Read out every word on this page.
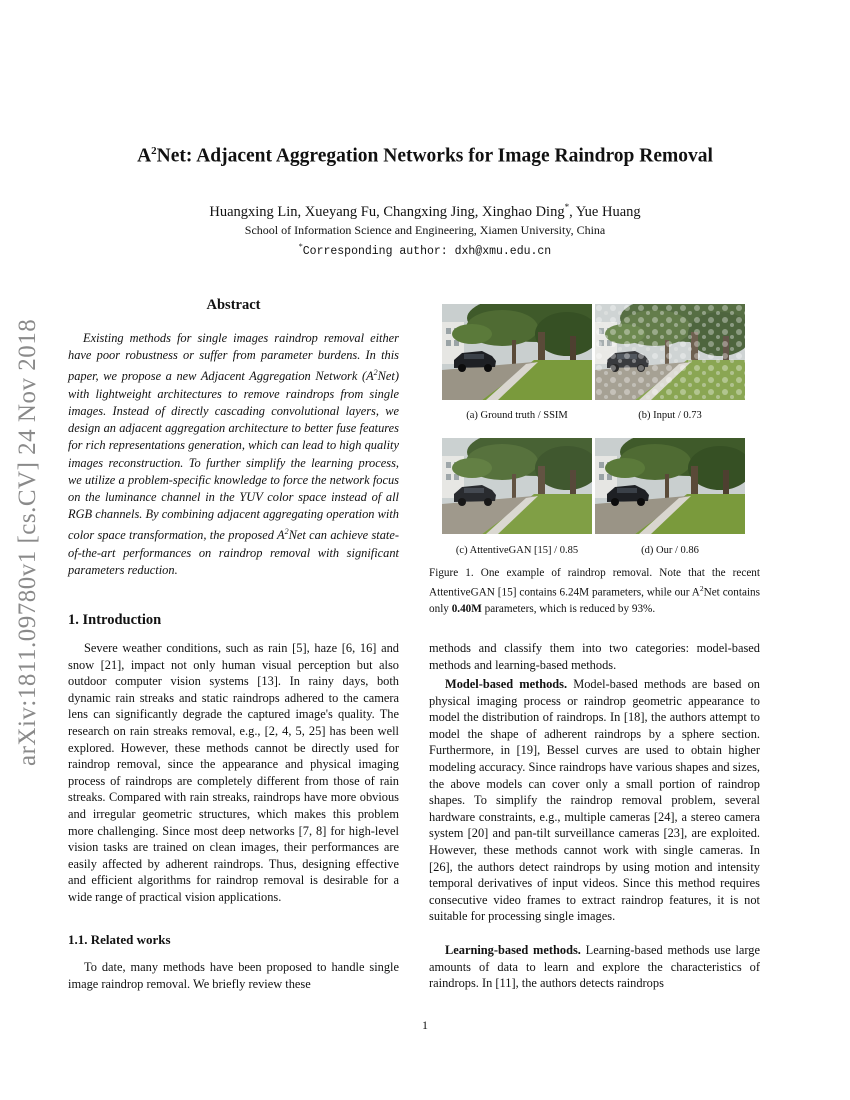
arXiv:1811.09780v1 [cs.CV] 24 Nov 2018
$A^2Net$: Adjacent Aggregation Networks for Image Raindrop Removal
Huangxing Lin, Xueyang Fu, Changxing Jing, Xinghao Ding*, Yue Huang
School of Information Science and Engineering, Xiamen University, China
*Corresponding author: dxh@xmu.edu.cn
Abstract
Existing methods for single images raindrop removal either have poor robustness or suffer from parameter burdens. In this paper, we propose a new Adjacent Aggregation Network $(A^2Net)$ with lightweight architectures to remove raindrops from single images. Instead of directly cascading convolutional layers, we design an adjacent aggregation architecture to better fuse features for rich representations generation, which can lead to high quality images reconstruction. To further simplify the learning process, we utilize a problem-specific knowledge to force the network focus on the luminance channel in the YUV color space instead of all RGB channels. By combining adjacent aggregating operation with color space transformation, the proposed $A^2Net$ can achieve state-of-the-art performances on raindrop removal with significant parameters reduction.
1. Introduction
Severe weather conditions, such as rain [5], haze [6, 16] and snow [21], impact not only human visual perception but also outdoor computer vision systems [13]. In rainy days, both dynamic rain streaks and static raindrops adhered to the camera lens can significantly degrade the captured image's quality. The research on rain streaks removal, e.g., [2, 4, 5, 25] has been well explored. However, these methods cannot be directly used for raindrop removal, since the appearance and physical imaging process of raindrops are completely different from those of rain streaks. Compared with rain streaks, raindrops have more obvious and irregular geometric structures, which makes this problem more challenging. Since most deep networks [7, 8] for high-level vision tasks are trained on clean images, their performances are easily affected by adherent raindrops. Thus, designing effective and efficient algorithms for raindrop removal is desirable for a wide range of practical vision applications.
1.1. Related works
To date, many methods have been proposed to handle single image raindrop removal. We briefly review these
(a) Ground truth / SSIM	(b) Input / 0.73
(c) AttentiveGAN [15] / 0.85	(d) Our / 0.86
Figure 1. One example of raindrop removal. Note that the recent AttentiveGAN [15] contains 6.24M parameters, while our $A^2Net$ contains only 0.40M parameters, which is reduced by 93%.
methods and classify them into two categories: model-based methods and learning-based methods.
Model-based methods. Model-based methods are based on physical imaging process or raindrop geometric appearance to model the distribution of raindrops. In [18], the authors attempt to model the shape of adherent raindrops by a sphere section. Furthermore, in [19], Bessel curves are used to obtain higher modeling accuracy. Since raindrops have various shapes and sizes, the above models can cover only a small portion of raindrop shapes. To simplify the raindrop removal problem, several hardware constraints, e.g., multiple cameras [24], a stereo camera system [20] and pan-tilt surveillance cameras [23], are exploited. However, these methods cannot work with single cameras. In [26], the authors detect raindrops by using motion and intensity temporal derivatives of input videos. Since this method requires consecutive video frames to extract raindrop features, it is not suitable for processing single images.
Learning-based methods. Learning-based methods use large amounts of data to learn and explore the characteristics of raindrops. In [11], the authors detects raindrops
1
